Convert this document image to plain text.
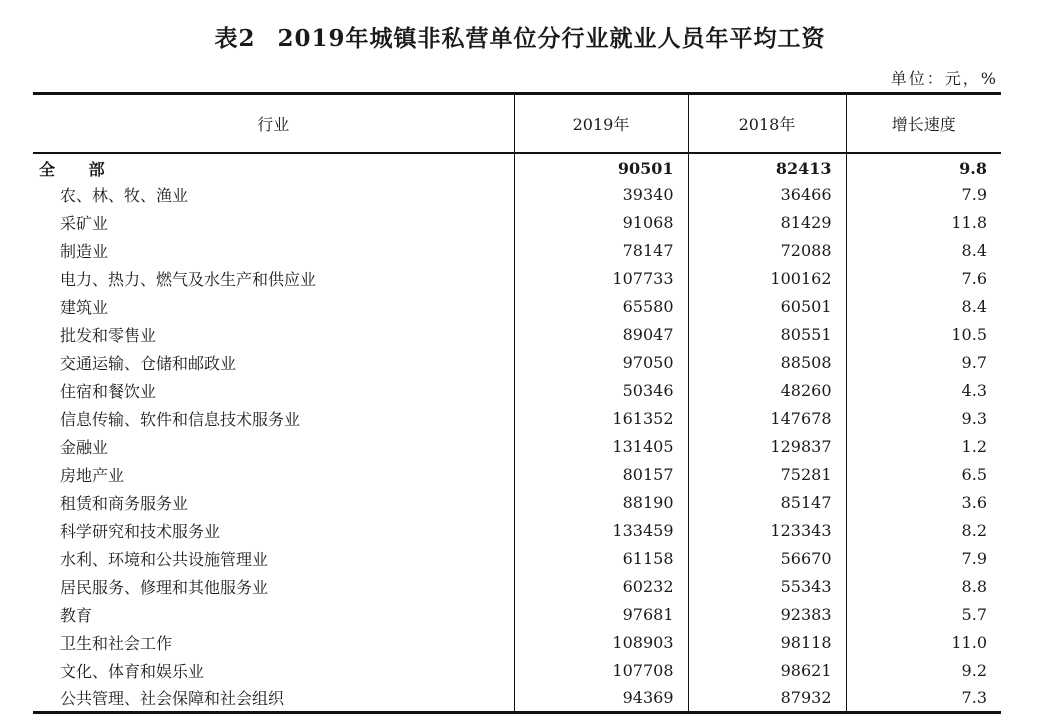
表2 2019年城镇非私营单位分行业就业人员年平均工资
单位：元，%
行业	2019年	2018年	增长速度
全 部	90501	82413	9.8
农、林、牧、渔业	39340	36466	7.9
采矿业	91068	81429	11.8
制造业	78147	72088	8.4
电力、热力、燃气及水生产和供应业	107733	100162	7.6
建筑业	65580	60501	8.4
批发和零售业	89047	80551	10.5
交通运输、仓储和邮政业	97050	88508	9.7
住宿和餐饮业	50346	48260	4.3
信息传输、软件和信息技术服务业	161352	147678	9.3
金融业	131405	129837	1.2
房地产业	80157	75281	6.5
租赁和商务服务业	88190	85147	3.6
科学研究和技术服务业	133459	123343	8.2
水利、环境和公共设施管理业	61158	56670	7.9
居民服务、修理和其他服务业	60232	55343	8.8
教育	97681	92383	5.7
卫生和社会工作	108903	98118	11.0
文化、体育和娱乐业	107708	98621	9.2
公共管理、社会保障和社会组织	94369	87932	7.3
